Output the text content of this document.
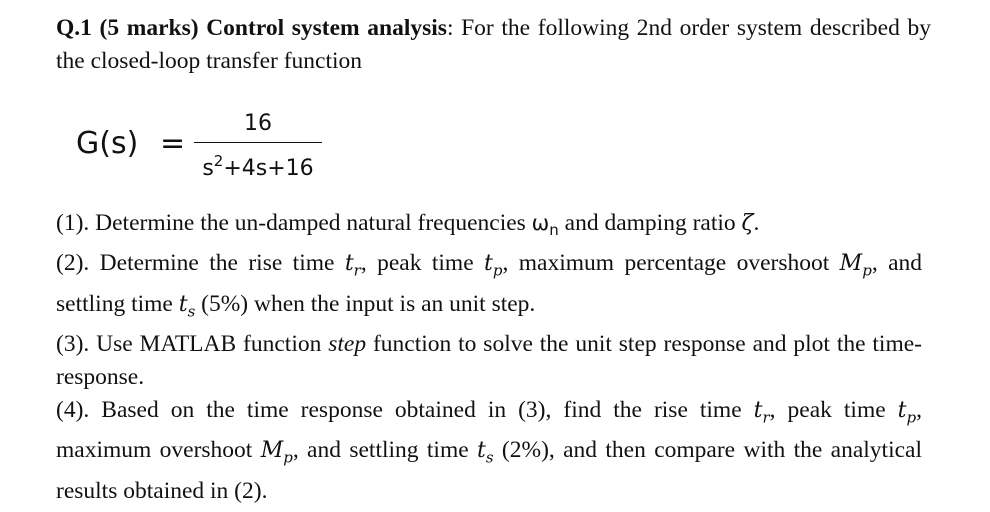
Q.1 (5 marks) Control system analysis: For the following 2nd order system described by the closed-loop transfer function
G(s) =
16
$s^2+4s+16$
(1). Determine the un-damped natural frequencies $\omega_n$ and damping ratio ζ.
(2). Determine the rise time $t_r$, peak time $t_p$, maximum percentage overshoot $M_p$, and settling time $t_s$ (5%) when the input is an unit step.
(3). Use MATLAB function step function to solve the unit step response and plot the time-response.
(4). Based on the time response obtained in (3), find the rise time $t_r$, peak time $t_p$, maximum overshoot $M_p$, and settling time $t_s$ (2%), and then compare with the analytical results obtained in (2).
